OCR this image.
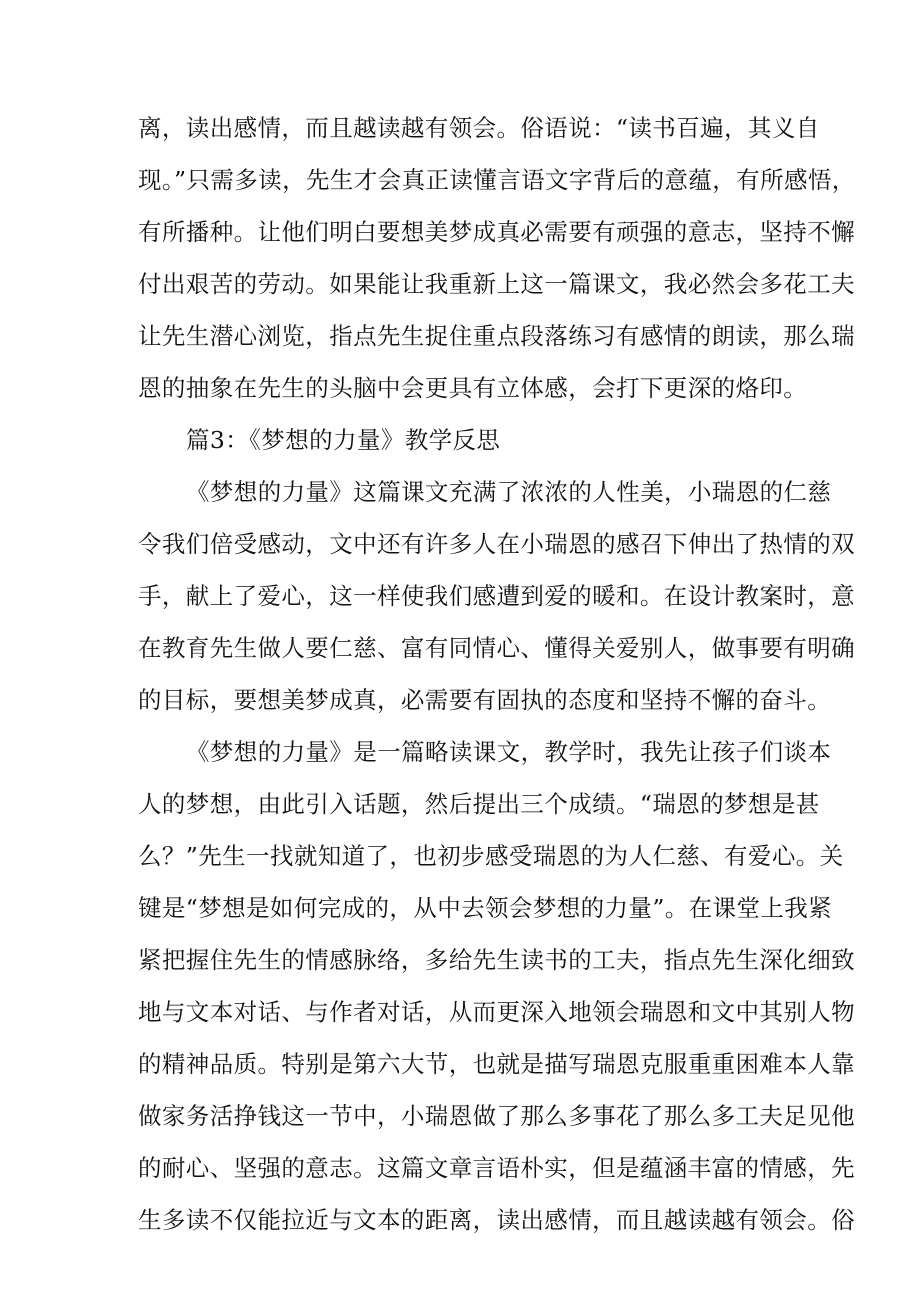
离，读出感情，而且越读越有领会。俗语说：“读书百遍，其义自
现。”只需多读，先生才会真正读懂言语文字背后的意蕴，有所感悟，
有所播种。让他们明白要想美梦成真必需要有顽强的意志，坚持不懈
付出艰苦的劳动。如果能让我重新上这一篇课文，我必然会多花工夫
让先生潜心浏览，指点先生捉住重点段落练习有感情的朗读，那么瑞
恩的抽象在先生的头脑中会更具有立体感，会打下更深的烙印。
篇3：《梦想的力量》教学反思
《梦想的力量》这篇课文充满了浓浓的人性美，小瑞恩的仁慈
令我们倍受感动，文中还有许多人在小瑞恩的感召下伸出了热情的双
手，献上了爱心，这一样使我们感遭到爱的暖和。在设计教案时，意
在教育先生做人要仁慈、富有同情心、懂得关爱别人，做事要有明确
的目标，要想美梦成真，必需要有固执的态度和坚持不懈的奋斗。
《梦想的力量》是一篇略读课文，教学时，我先让孩子们谈本
人的梦想，由此引入话题，然后提出三个成绩。“瑞恩的梦想是甚
么？”先生一找就知道了，也初步感受瑞恩的为人仁慈、有爱心。关
键是“梦想是如何完成的，从中去领会梦想的力量”。在课堂上我紧
紧把握住先生的情感脉络，多给先生读书的工夫，指点先生深化细致
地与文本对话、与作者对话，从而更深入地领会瑞恩和文中其别人物
的精神品质。特别是第六大节，也就是描写瑞恩克服重重困难本人靠
做家务活挣钱这一节中，小瑞恩做了那么多事花了那么多工夫足见他
的耐心、坚强的意志。这篇文章言语朴实，但是蕴涵丰富的情感，先
生多读不仅能拉近与文本的距离，读出感情，而且越读越有领会。俗
